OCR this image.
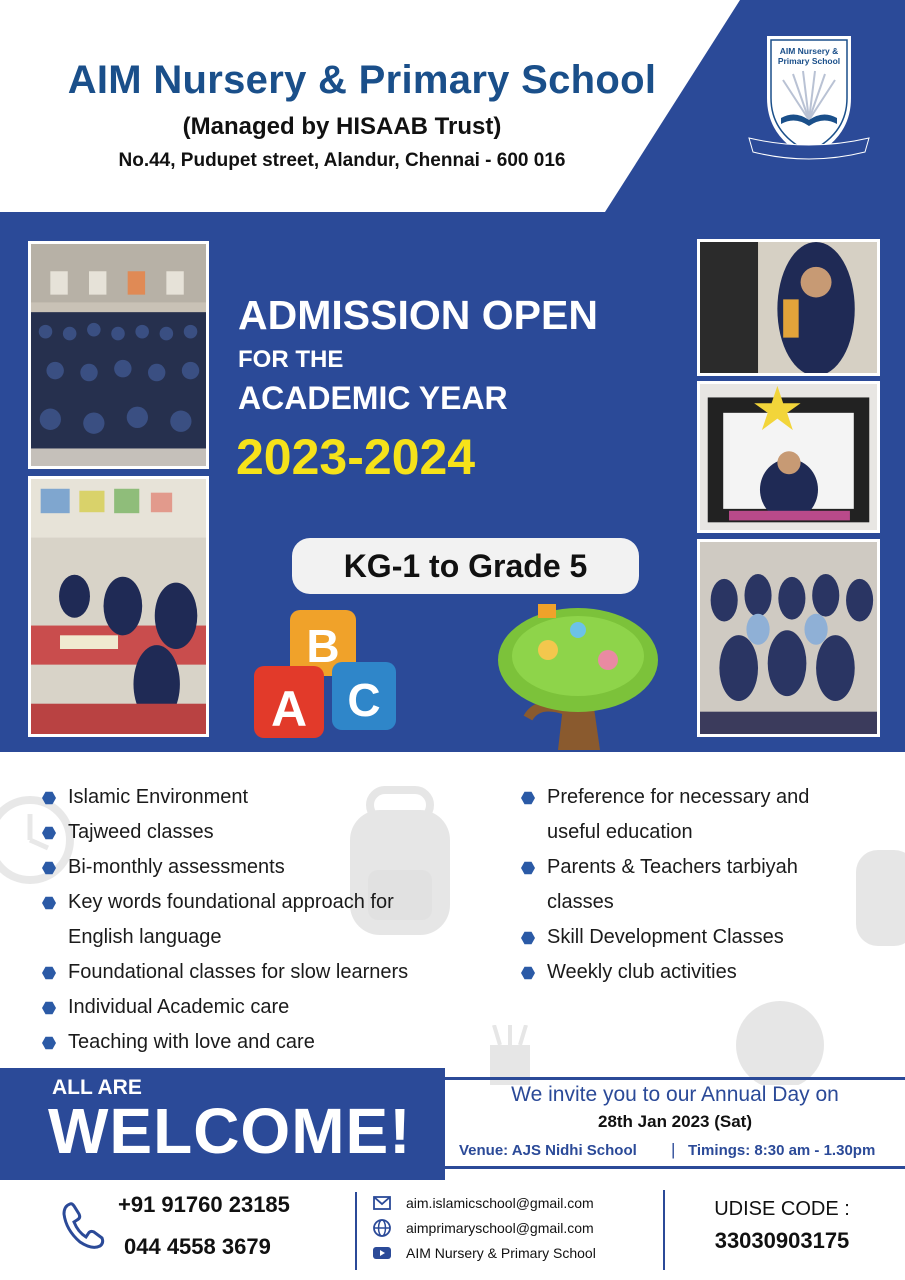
AIM Nursery & Primary School
(Managed by HISAAB Trust)
No.44, Pudupet street, Alandur, Chennai - 600 016
AIM Nursery &
Primary School
ADMISSION OPEN
FOR THE
ACADEMIC YEAR
2023-2024
KG-1 to Grade 5
B
A C
Islamic Environment
Tajweed classes
Bi-monthly assessments
Key words foundational approach for
English language
Foundational classes for slow learners
Individual Academic care
Teaching with love and care
Preference for necessary and
useful education
Parents & Teachers tarbiyah
classes
Skill Development Classes
Weekly club activities
ALL ARE
WELCOME!
We invite you to our Annual Day on
28th Jan 2023 (Sat)
Venue: AJS Nidhi School | Timings: 8:30 am - 1.30pm
+91 91760 23185
044 4558 3679
aim.islamicschool@gmail.com
aimprimaryschool@gmail.com
AIM Nursery & Primary School
UDISE CODE :
33030903175
